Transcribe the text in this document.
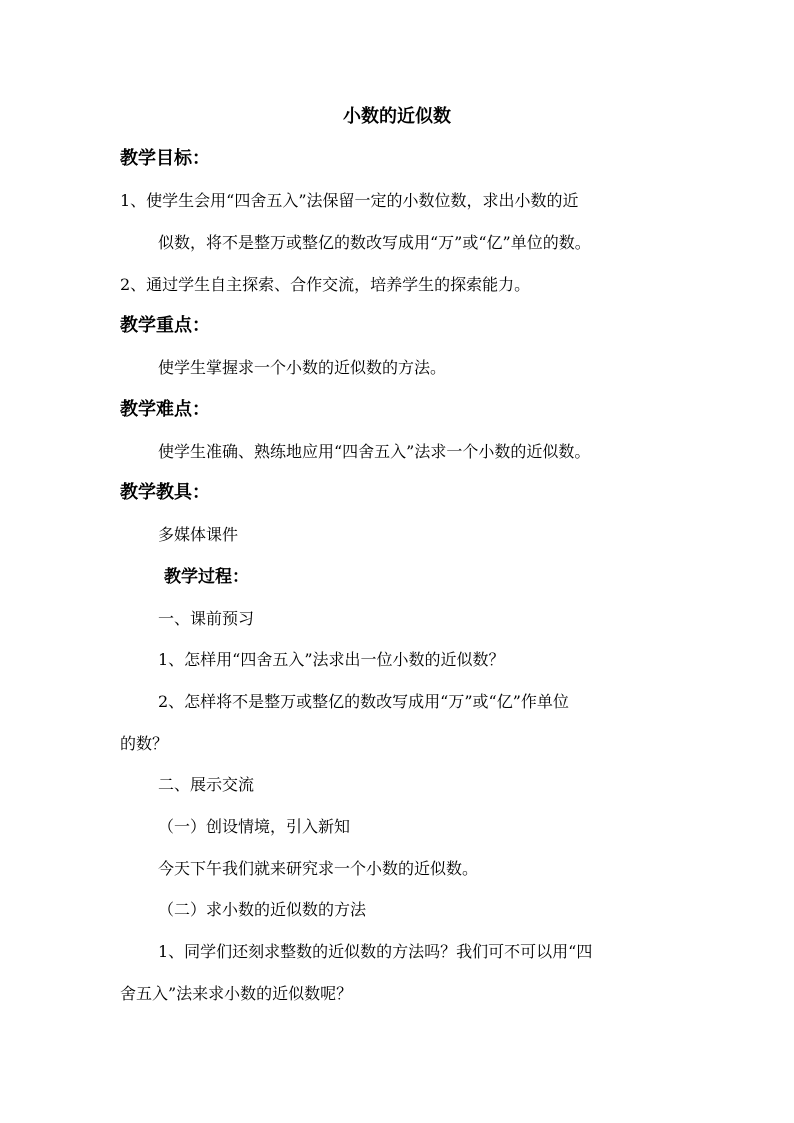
小数的近似数
教学目标：
1、使学生会用“四舍五入”法保留一定的小数位数，求出小数的近
似数，将不是整万或整亿的数改写成用“万”或“亿”单位的数。
2、通过学生自主探索、合作交流，培养学生的探索能力。
教学重点：
使学生掌握求一个小数的近似数的方法。
教学难点：
使学生准确、熟练地应用“四舍五入”法求一个小数的近似数。
教学教具：
多媒体课件
教学过程：
一、课前预习
1、怎样用“四舍五入”法求出一位小数的近似数？
2、怎样将不是整万或整亿的数改写成用“万”或“亿”作单位
的数？
二、展示交流
（一）创设情境，引入新知
今天下午我们就来研究求一个小数的近似数。
（二）求小数的近似数的方法
1、同学们还刻求整数的近似数的方法吗？我们可不可以用“四
舍五入”法来求小数的近似数呢？
